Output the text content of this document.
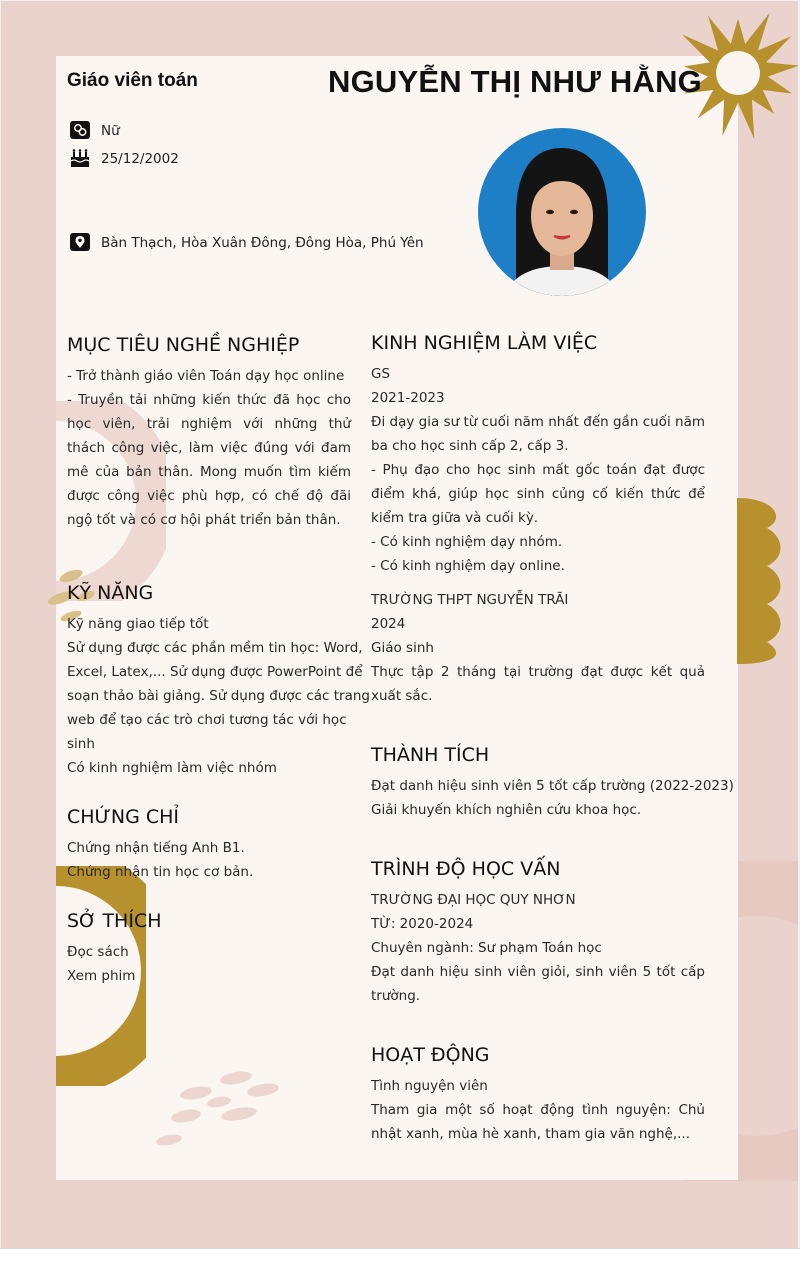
Giáo viên toán	NGUYỄN THỊ NHƯ HẰNG
Nữ
25/12/2002
Bàn Thạch, Hòa Xuân Đông, Đông Hòa, Phú Yên
MỤC TIÊU NGHỀ NGHIỆP
- Trở thành giáo viên Toán dạy học online
- Truyền tải những kiến thức đã học cho học viên, trải nghiệm với những thử thách công việc, làm việc đúng với đam mê của bản thân. Mong muốn tìm kiếm được công việc phù hợp, có chế độ đãi ngộ tốt và có cơ hội phát triển bản thân.
KỸ NĂNG
Kỹ năng giao tiếp tốt
Sử dụng được các phần mềm tin học: Word,
Excel, Latex,... Sử dụng được PowerPoint để
soạn thảo bài giảng. Sử dụng được các trang
web để tạo các trò chơi tương tác với học
sinh
Có kinh nghiệm làm việc nhóm
CHỨNG CHỈ
Chứng nhận tiếng Anh B1.
Chứng nhận tin học cơ bản.
SỞ THÍCH
Đọc sách
Xem phim
KINH NGHIỆM LÀM VIỆC
GS
2021-2023
Đi dạy gia sư từ cuối năm nhất đến gần cuối năm ba cho học sinh cấp 2, cấp 3.
- Phụ đạo cho học sinh mất gốc toán đạt được điểm khá, giúp học sinh củng cố kiến thức để kiểm tra giữa và cuối kỳ.
- Có kinh nghiệm dạy nhóm.
- Có kinh nghiệm dạy online.
TRƯỜNG THPT NGUYỄN TRÃI
2024
Giáo sinh
Thực tập 2 tháng tại trường đạt được kết quả xuất sắc.
THÀNH TÍCH
Đạt danh hiệu sinh viên 5 tốt cấp trường (2022-2023)
Giải khuyến khích nghiên cứu khoa học.
TRÌNH ĐỘ HỌC VẤN
TRƯỜNG ĐẠI HỌC QUY NHƠN
TỪ: 2020-2024
Chuyên ngành: Sư phạm Toán học
Đạt danh hiệu sinh viên giỏi, sinh viên 5 tốt cấp trường.
HOẠT ĐỘNG
Tình nguyện viên
Tham gia một số hoạt động tình nguyện: Chủ nhật xanh, mùa hè xanh, tham gia văn nghệ,...
